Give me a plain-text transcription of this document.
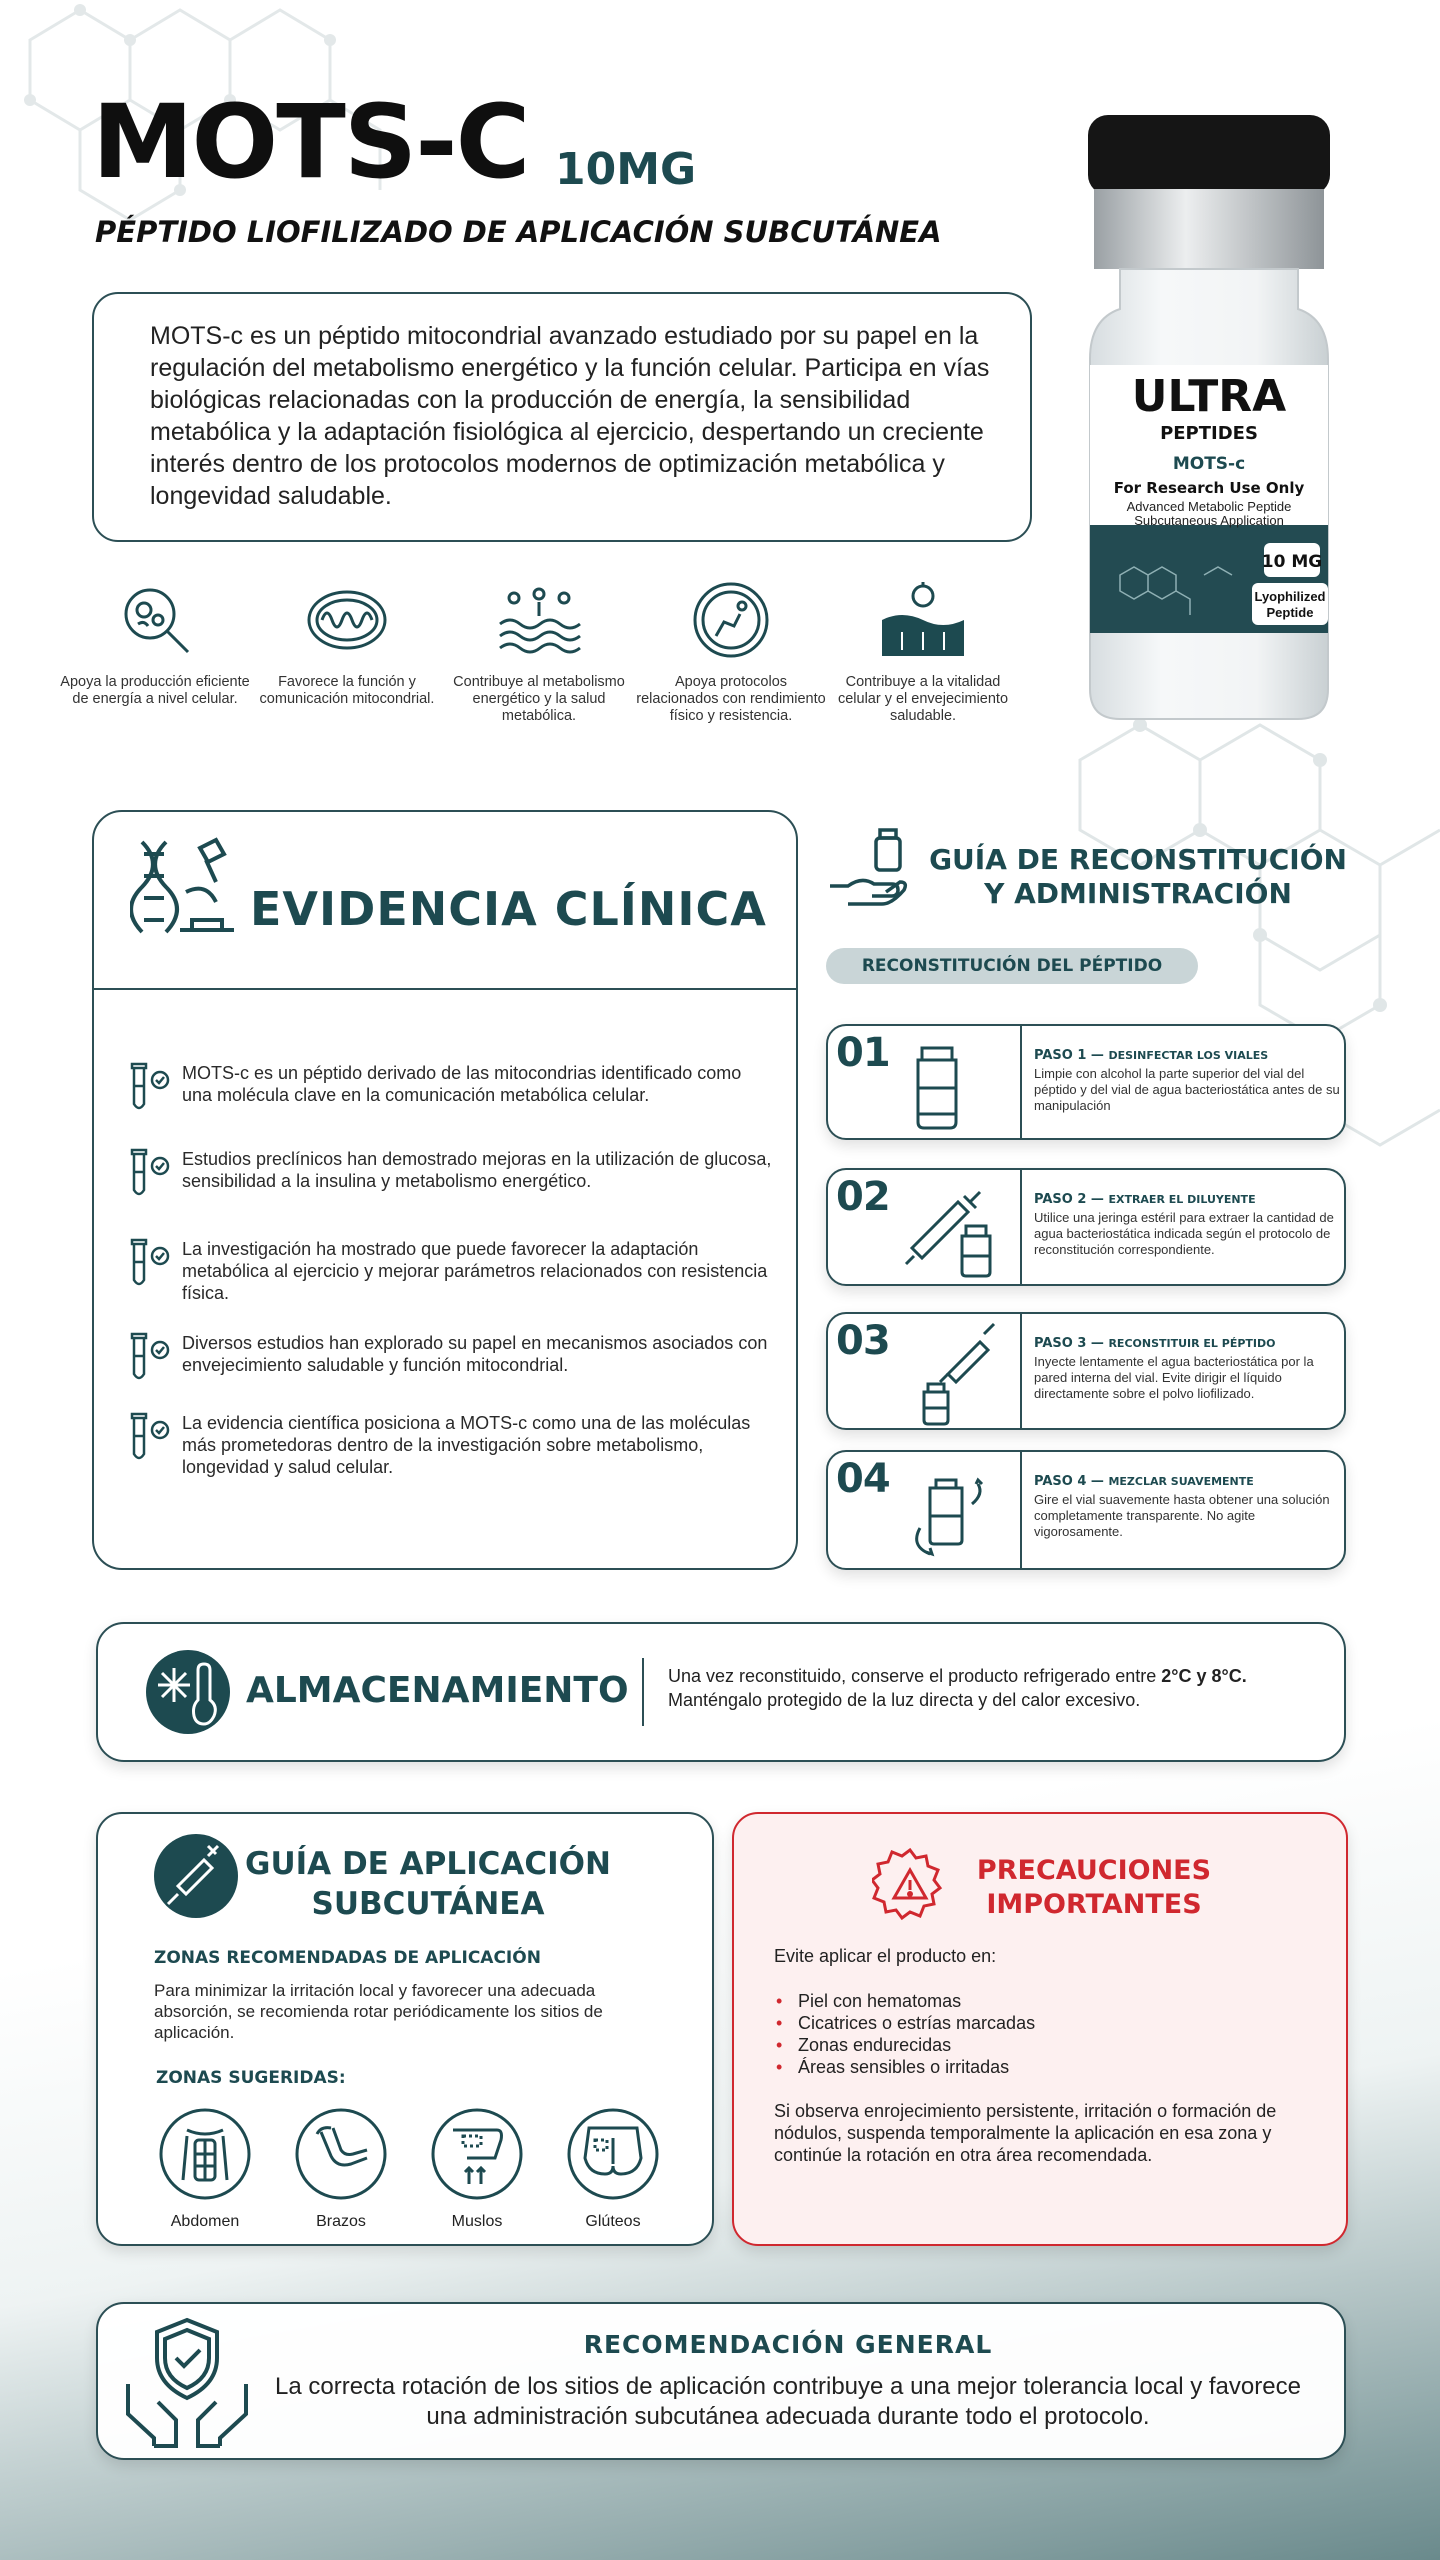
MOTS-C 10MG
PÉPTIDO LIOFILIZADO DE APLICACIÓN SUBCUTÁNEA
MOTS-c es un péptido mitocondrial avanzado estudiado por su papel en la regulación del metabolismo energético y la función celular. Participa en vías biológicas relacionadas con la producción de energía, la sensibilidad metabólica y la adaptación fisiológica al ejercicio, despertando un creciente interés dentro de los protocolos modernos de optimización metabólica y longevidad saludable.
Apoya la producción eficiente de energía a nivel celular.
Favorece la función y comunicación mitocondrial.
Contribuye al metabolismo energético y la salud metabólica.
Apoya protocolos relacionados con rendimiento físico y resistencia.
Contribuye a la vitalidad celular y el envejecimiento saludable.
ULTRA
PEPTIDES
MOTS-c
For Research Use Only
Advanced Metabolic Peptide
Subcutaneous Application
10 MG
Lyophilized
Peptide
EVIDENCIA CLÍNICA
MOTS-c es un péptido derivado de las mitocondrias identificado como una molécula clave en la comunicación metabólica celular.
Estudios preclínicos han demostrado mejoras en la utilización de glucosa, sensibilidad a la insulina y metabolismo energético.
La investigación ha mostrado que puede favorecer la adaptación metabólica al ejercicio y mejorar parámetros relacionados con resistencia física.
Diversos estudios han explorado su papel en mecanismos asociados con envejecimiento saludable y función mitocondrial.
La evidencia científica posiciona a MOTS-c como una de las moléculas más prometedoras dentro de la investigación sobre metabolismo, longevidad y salud celular.
GUÍA DE RECONSTITUCIÓN
Y ADMINISTRACIÓN
RECONSTITUCIÓN DEL PÉPTIDO
01	PASO 1 — DESINFECTAR LOS VIALES
Limpie con alcohol la parte superior del vial del péptido y del vial de agua bacteriostática antes de su manipulación
02	PASO 2 — EXTRAER EL DILUYENTE
Utilice una jeringa estéril para extraer la cantidad de agua bacteriostática indicada según el protocolo de reconstitución correspondiente.
03	PASO 3 — RECONSTITUIR EL PÉPTIDO
Inyecte lentamente el agua bacteriostática por la pared interna del vial. Evite dirigir el líquido directamente sobre el polvo liofilizado.
04	PASO 4 — MEZCLAR SUAVEMENTE
Gire el vial suavemente hasta obtener una solución completamente transparente. No agite vigorosamente.
ALMACENAMIENTO Una vez reconstituido, conserve el producto refrigerado entre 2°C y 8°C. Manténgalo protegido de la luz directa y del calor excesivo.
GUÍA DE APLICACIÓN
SUBCUTÁNEA
ZONAS RECOMENDADAS DE APLICACIÓN
Para minimizar la irritación local y favorecer una adecuada absorción, se recomienda rotar periódicamente los sitios de aplicación.
ZONAS SUGERIDAS:
Abdomen	Brazos	Muslos	Glúteos
PRECAUCIONES
IMPORTANTES
Evite aplicar el producto en:
• Piel con hematomas
• Cicatrices o estrías marcadas
• Zonas endurecidas
• Áreas sensibles o irritadas
Si observa enrojecimiento persistente, irritación o formación de nódulos, suspenda temporalmente la aplicación en esa zona y continúe la rotación en otra área recomendada.
RECOMENDACIÓN GENERAL
La correcta rotación de los sitios de aplicación contribuye a una mejor tolerancia local y favorece una administración subcutánea adecuada durante todo el protocolo.
